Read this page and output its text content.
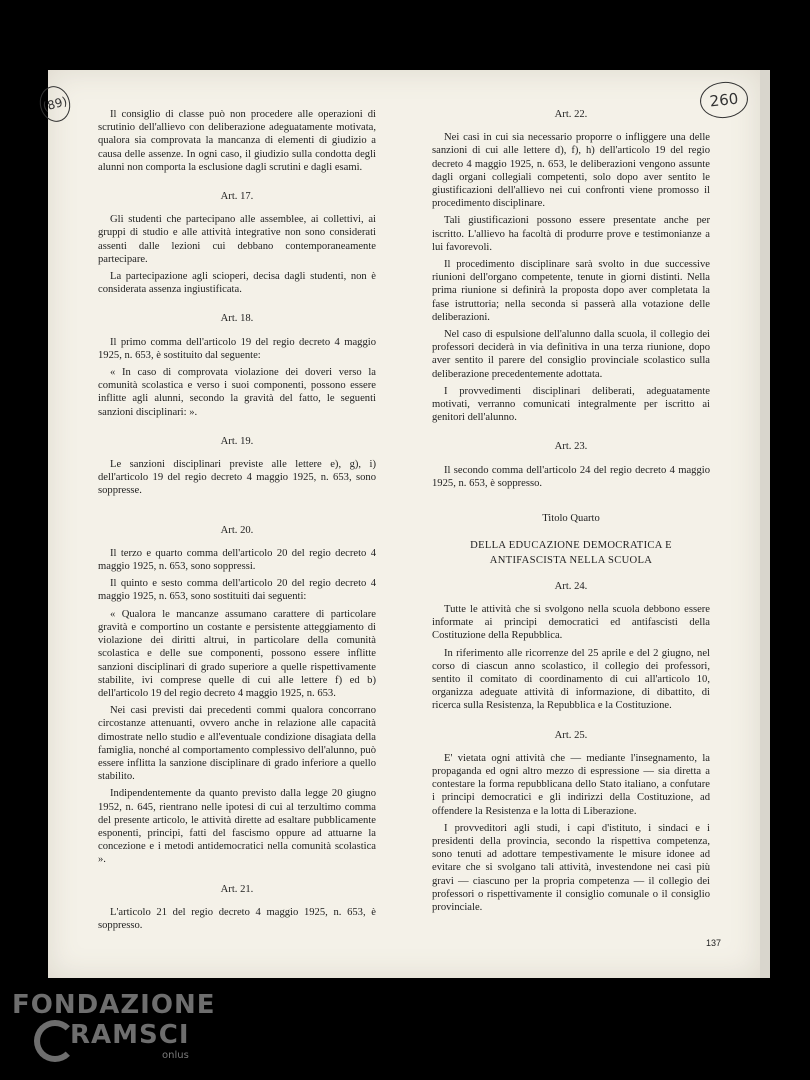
(89)	260

Il consiglio di classe può non procedere alle operazioni di scrutinio dell'allievo con deliberazione adeguatamente motivata, qualora sia comprovata la mancanza di elementi di giudizio a causa delle assenze. In ogni caso, il giudizio sulla condotta degli alunni non comporta la esclusione dagli scrutini e dagli esami.

Art. 17.

Gli studenti che partecipano alle assemblee, ai collettivi, ai gruppi di studio e alle attività integrative non sono considerati assenti dalle lezioni cui debbano contemporaneamente partecipare.

La partecipazione agli scioperi, decisa dagli studenti, non è considerata assenza ingiustificata.

Art. 18.

Il primo comma dell'articolo 19 del regio decreto 4 maggio 1925, n. 653, è sostituito dal seguente:

« In caso di comprovata violazione dei doveri verso la comunità scolastica e verso i suoi componenti, possono essere inflitte agli alunni, secondo la gravità del fatto, le seguenti sanzioni disciplinari: ».

Art. 19.

Le sanzioni disciplinari previste alle lettere e), g), i) dell'articolo 19 del regio decreto 4 maggio 1925, n. 653, sono soppresse.

Art. 20.

Il terzo e quarto comma dell'articolo 20 del regio decreto 4 maggio 1925, n. 653, sono soppressi.

Il quinto e sesto comma dell'articolo 20 del regio decreto 4 maggio 1925, n. 653, sono sostituiti dai seguenti:

« Qualora le mancanze assumano carattere di particolare gravità e comportino un costante e persistente atteggiamento di violazione dei diritti altrui, in particolare della comunità scolastica e delle sue componenti, possono essere inflitte sanzioni disciplinari di grado superiore a quelle rispettivamente stabilite, ivi comprese quelle di cui alle lettere f) ed b) dell'articolo 19 del regio decreto 4 maggio 1925, n. 653.

Nei casi previsti dai precedenti commi qualora concorrano circostanze attenuanti, ovvero anche in relazione alle capacità dimostrate nello studio e all'eventuale condizione disagiata della famiglia, nonché al comportamento complessivo dell'alunno, può essere inflitta la sanzione disciplinare di grado inferiore a quello stabilito.

Indipendentemente da quanto previsto dalla legge 20 giugno 1952, n. 645, rientrano nelle ipotesi di cui al terzultimo comma del presente articolo, le attività dirette ad esaltare pubblicamente esponenti, principi, fatti del fascismo oppure ad attuarne la concezione e i metodi antidemocratici nella comunità scolastica ».

Art. 21.

L'articolo 21 del regio decreto 4 maggio 1925, n. 653, è soppresso.

Art. 22.

Nei casi in cui sia necessario proporre o infliggere una delle sanzioni di cui alle lettere d), f), h) dell'articolo 19 del regio decreto 4 maggio 1925, n. 653, le deliberazioni vengono assunte dagli organi collegiali competenti, solo dopo aver sentito le giustificazioni dell'allievo nei cui confronti viene promosso il procedimento disciplinare.

Tali giustificazioni possono essere presentate anche per iscritto. L'allievo ha facoltà di produrre prove e testimonianze a lui favorevoli.

Il procedimento disciplinare sarà svolto in due successive riunioni dell'organo competente, tenute in giorni distinti. Nella prima riunione si definirà la proposta dopo aver completata la fase istruttoria; nella seconda si passerà alla votazione delle deliberazioni.

Nel caso di espulsione dell'alunno dalla scuola, il collegio dei professori deciderà in via definitiva in una terza riunione, dopo aver sentito il parere del consiglio provinciale scolastico sulla deliberazione precedentemente adottata.

I provvedimenti disciplinari deliberati, adeguatamente motivati, verranno comunicati integralmente per iscritto ai genitori dell'alunno.

Art. 23.

Il secondo comma dell'articolo 24 del regio decreto 4 maggio 1925, n. 653, è soppresso.

Titolo Quarto
DELLA EDUCAZIONE DEMOCRATICA E
ANTIFASCISTA NELLA SCUOLA
Art. 24.

Tutte le attività che si svolgono nella scuola debbono essere informate ai principi democratici ed antifascisti della Costituzione della Repubblica.

In riferimento alle ricorrenze del 25 aprile e del 2 giugno, nel corso di ciascun anno scolastico, il collegio dei professori, sentito il comitato di coordinamento di cui all'articolo 10, organizza adeguate attività di informazione, di dibattito, di ricerca sulla Resistenza, la Repubblica e la Costituzione.

Art. 25.

E' vietata ogni attività che — mediante l'insegnamento, la propaganda ed ogni altro mezzo di espressione — sia diretta a contestare la forma repubblicana dello Stato italiano, a confutare i principi democratici e gli indirizzi della Costituzione, ad offendere la Resistenza e la lotta di Liberazione.

I provveditori agli studi, i capi d'istituto, i sindaci e i presidenti della provincia, secondo la rispettiva competenza, sono tenuti ad adottare tempestivamente le misure idonee ad evitare che si svolgano tali attività, investendone nei casi più gravi — ciascuno per la propria competenza — il collegio dei professori o rispettivamente il consiglio comunale o il consiglio provinciale.

137
FONDAZIONE
RAMSCI
onlus
